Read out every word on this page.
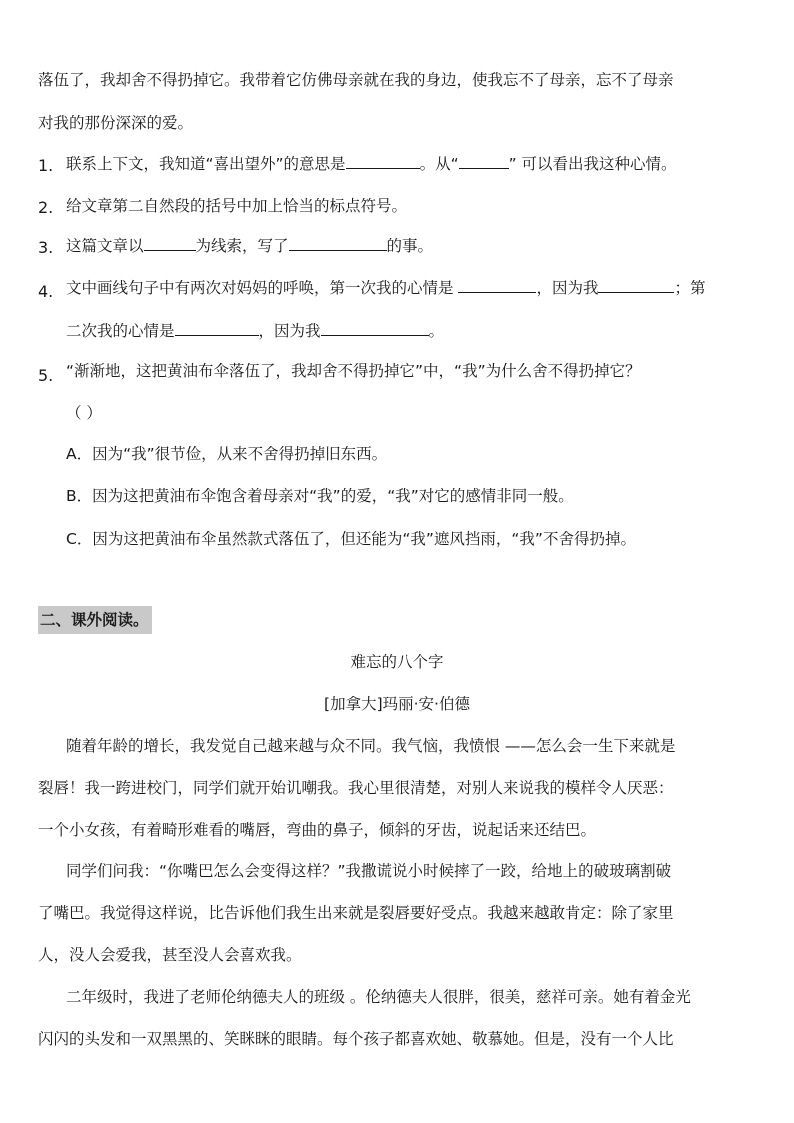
落伍了，我却舍不得扔掉它。我带着它仿佛母亲就在我的身边，使我忘不了母亲，忘不了母亲
对我的那份深深的爱。
1. 联系上下文，我知道“喜出望外”的意思是	。从“	” 可以看出我这种心情。
2. 给文章第二自然段的括号中加上恰当的标点符号。
3. 这篇文章以	为线索，写了	的事。
4. 文中画线句子中有两次对妈妈的呼唤，第一次我的心情是	，因为我	；第
二次我的心情是	，因为我	。
5. “渐渐地，这把黄油布伞落伍了，我却舍不得扔掉它”中，“我”为什么舍不得扔掉它？
（ ）
A．因为“我”很节俭，从来不舍得扔掉旧东西。
B．因为这把黄油布伞饱含着母亲对“我”的爱，“我”对它的感情非同一般。
C．因为这把黄油布伞虽然款式落伍了，但还能为“我”遮风挡雨，“我”不舍得扔掉。
二、课外阅读。
难忘的八个字
[加拿大]玛丽·安·伯德
随着年龄的增长，我发觉自己越来越与众不同。我气恼，我愤恨 ——怎么会一生下来就是
裂唇！我一跨进校门，同学们就开始讥嘲我。我心里很清楚，对别人来说我的模样令人厌恶：
一个小女孩，有着畸形难看的嘴唇，弯曲的鼻子，倾斜的牙齿，说起话来还结巴。
同学们问我：“你嘴巴怎么会变得这样？”我撒谎说小时候摔了一跤，给地上的破玻璃割破
了嘴巴。我觉得这样说，比告诉他们我生出来就是裂唇要好受点。我越来越敢肯定：除了家里
人，没人会爱我，甚至没人会喜欢我。
二年级时，我进了老师伦纳德夫人的班级 。伦纳德夫人很胖，很美，慈祥可亲。她有着金光
闪闪的头发和一双黑黑的、笑眯眯的眼睛。每个孩子都喜欢她、敬慕她。但是，没有一个人比
